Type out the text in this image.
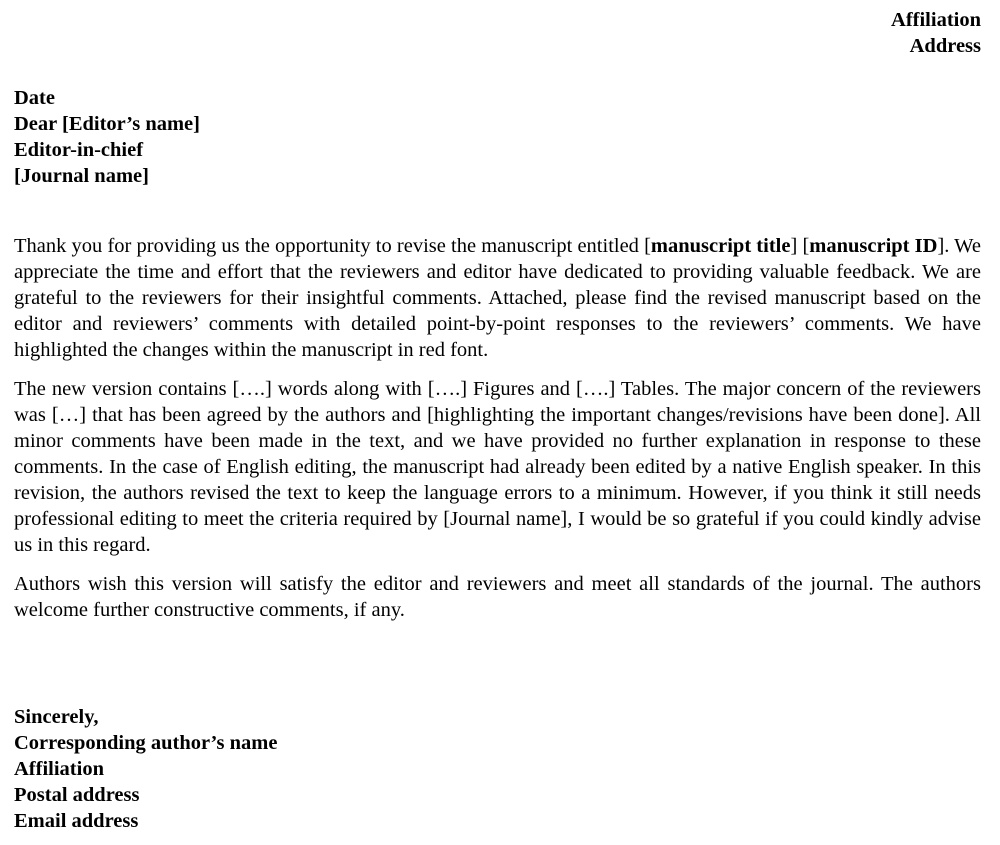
Affiliation
Address
Date
Dear [Editor’s name]
Editor-in-chief
[Journal name]

Thank you for providing us the opportunity to revise the manuscript entitled [manuscript title] [manuscript ID]. We appreciate the time and effort that the reviewers and editor have dedicated to providing valuable feedback. We are grateful to the reviewers for their insightful comments. Attached, please find the revised manuscript based on the editor and reviewers’ comments with detailed point-by-point responses to the reviewers’ comments. We have highlighted the changes within the manuscript in red font.

The new version contains [….] words along with [….] Figures and [….] Tables. The major concern of the reviewers was […] that has been agreed by the authors and [highlighting the important changes/revisions have been done]. All minor comments have been made in the text, and we have provided no further explanation in response to these comments. In the case of English editing, the manuscript had already been edited by a native English speaker. In this revision, the authors revised the text to keep the language errors to a minimum. However, if you think it still needs professional editing to meet the criteria required by [Journal name], I would be so grateful if you could kindly advise us in this regard.

Authors wish this version will satisfy the editor and reviewers and meet all standards of the journal. The authors welcome further constructive comments, if any.

Sincerely,
Corresponding author’s name
Affiliation
Postal address
Email address
